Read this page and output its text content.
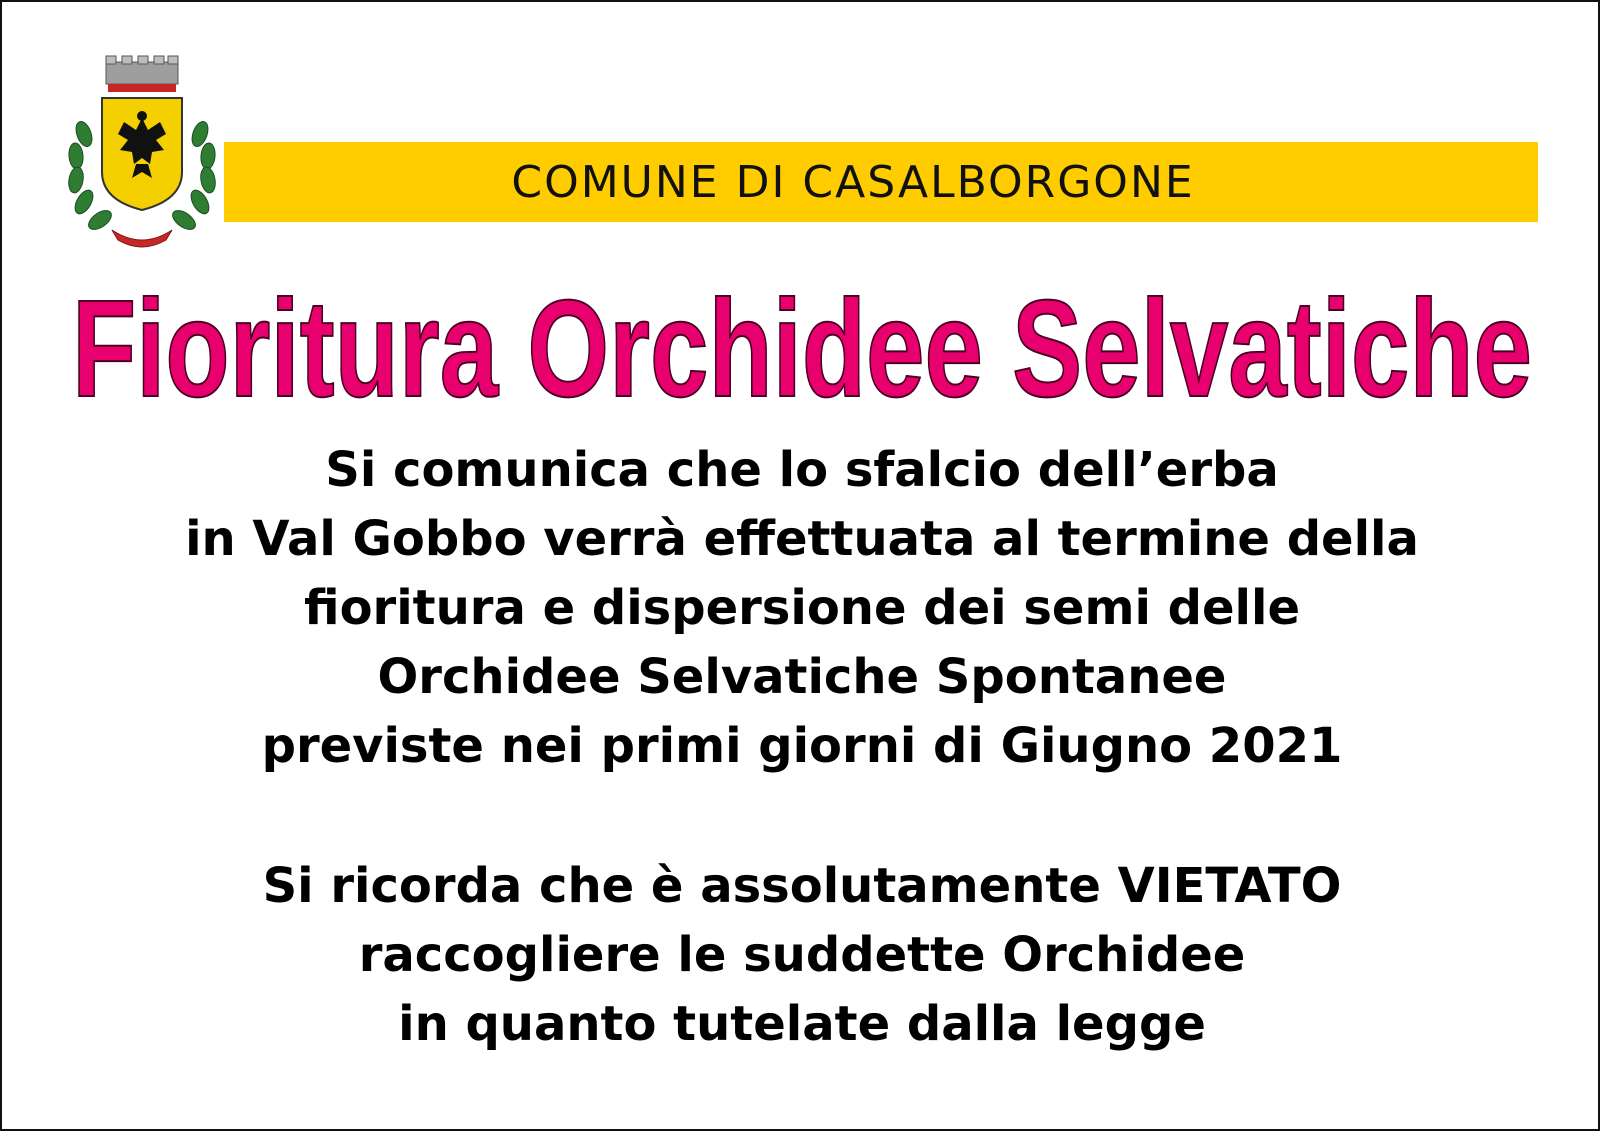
COMUNE DI CASALBORGONE
Fioritura Orchidee Selvatiche
Si comunica che lo sfalcio dell’erba
in Val Gobbo verrà effettuata al termine della
fioritura e dispersione dei semi delle
Orchidee Selvatiche Spontanee
previste nei primi giorni di Giugno 2021
Si ricorda che è assolutamente VIETATO
raccogliere le suddette Orchidee
in quanto tutelate dalla legge
